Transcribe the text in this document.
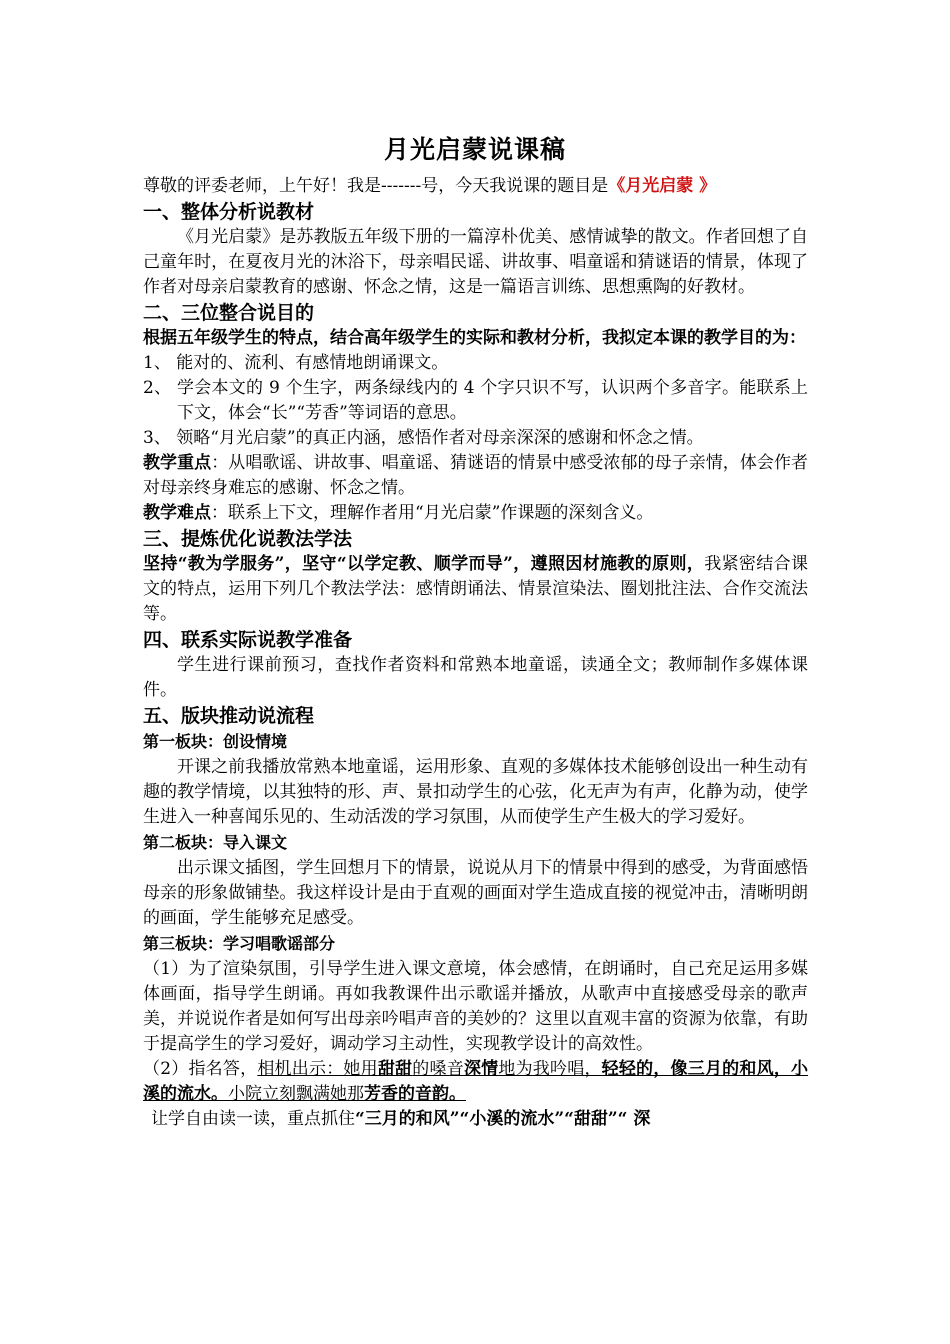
月光启蒙说课稿

尊敬的评委老师，上午好！我是-------号，今天我说课的题目是《月光启蒙 》

一、整体分析说教材

《月光启蒙》是苏教版五年级下册的一篇淳朴优美、感情诚挚的散文。作者回想了自己童年时，在夏夜月光的沐浴下，母亲唱民谣、讲故事、唱童谣和猜谜语的情景，体现了作者对母亲启蒙教育的感谢、怀念之情，这是一篇语言训练、思想熏陶的好教材。

二、三位整合说目的

根据五年级学生的特点，结合高年级学生的实际和教材分析，我拟定本课的教学目的为：

1、 能对的、流利、有感情地朗诵课文。

2、 学会本文的 9 个生字，两条绿线内的 4 个字只识不写，认识两个多音字。能联系上下文，体会“长”“芳香”等词语的意思。

3、 领略“月光启蒙”的真正内涵，感悟作者对母亲深深的感谢和怀念之情。

教学重点：从唱歌谣、讲故事、唱童谣、猜谜语的情景中感受浓郁的母子亲情，体会作者对母亲终身难忘的感谢、怀念之情。

教学难点：联系上下文，理解作者用“月光启蒙”作课题的深刻含义。

三、提炼优化说教法学法

坚持“教为学服务”，坚守“以学定教、顺学而导”，遵照因材施教的原则，我紧密结合课文的特点，运用下列几个教法学法：感情朗诵法、情景渲染法、圈划批注法、合作交流法等。

四、联系实际说教学准备

学生进行课前预习，查找作者资料和常熟本地童谣，读通全文；教师制作多媒体课件。

五、版块推动说流程

第一板块：创设情境

开课之前我播放常熟本地童谣，运用形象、直观的多媒体技术能够创设出一种生动有趣的教学情境，以其独特的形、声、景扣动学生的心弦，化无声为有声，化静为动，使学生进入一种喜闻乐见的、生动活泼的学习氛围，从而使学生产生极大的学习爱好。

第二板块：导入课文

出示课文插图，学生回想月下的情景，说说从月下的情景中得到的感受，为背面感悟母亲的形象做铺垫。我这样设计是由于直观的画面对学生造成直接的视觉冲击，清晰明朗的画面，学生能够充足感受。

第三板块：学习唱歌谣部分

（1）为了渲染氛围，引导学生进入课文意境，体会感情，在朗诵时，自己充足运用多媒体画面，指导学生朗诵。再如我教课件出示歌谣并播放，从歌声中直接感受母亲的歌声美，并说说作者是如何写出母亲吟唱声音的美妙的？这里以直观丰富的资源为依靠，有助于提高学生的学习爱好，调动学习主动性，实现教学设计的高效性。

（2）指名答，相机出示：她用甜甜的嗓音深情地为我吟唱，轻轻的，像三月的和风，小溪的流水。小院立刻飘满她那芳香的音韵。

让学自由读一读，重点抓住“三月的和风”“小溪的流水”“甜甜”“ 深
